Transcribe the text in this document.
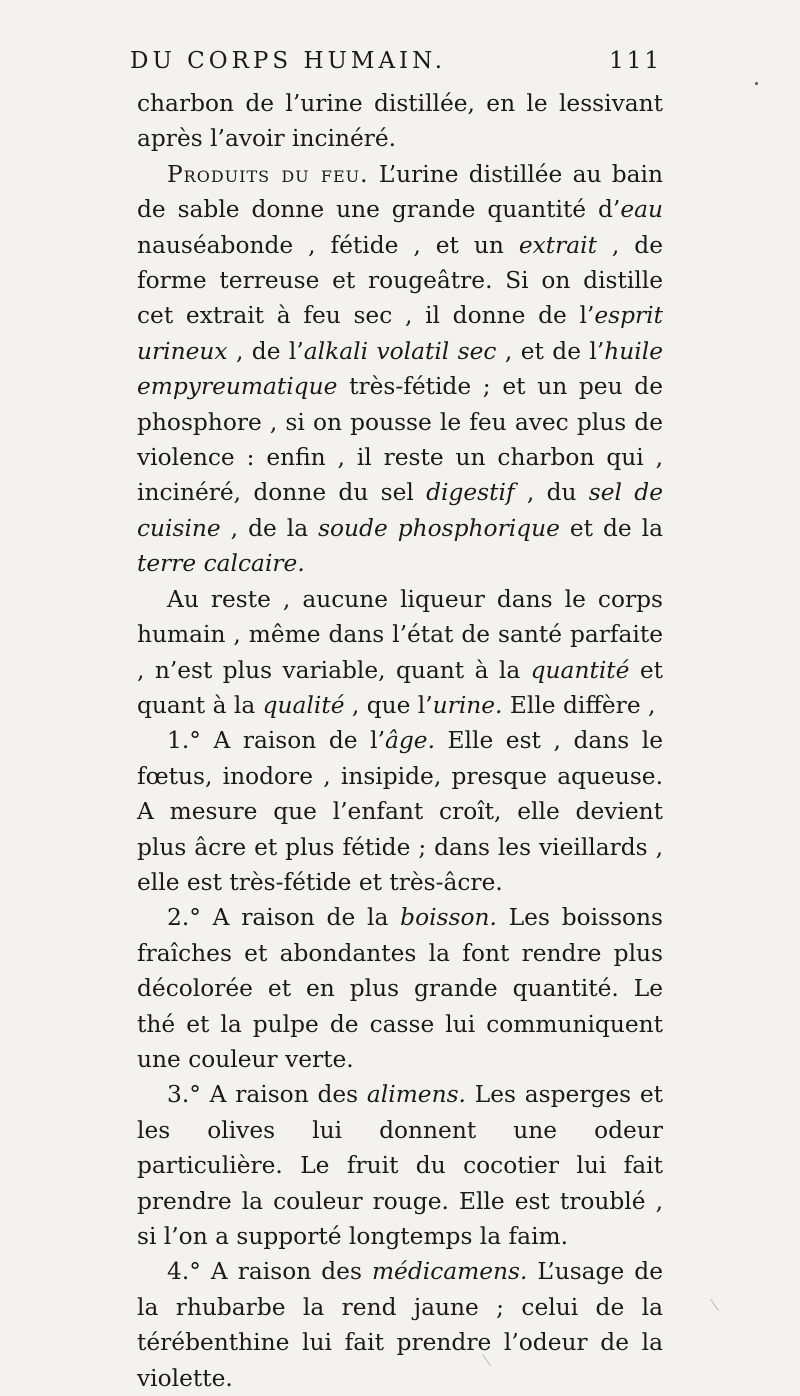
DU CORPS HUMAIN.	111

charbon de l’urine distillée, en le lessivant après l’avoir incinéré.

Produits du feu. L’urine distillée au bain de sable donne une grande quantité d’eau nauséabonde , fétide , et un extrait , de forme terreuse et rougeâtre. Si on distille cet extrait à feu sec , il donne de l’esprit urineux , de l’alkali volatil sec , et de l’huile empyreumatique très-fétide ; et un peu de phosphore , si on pousse le feu avec plus de violence : enfin , il reste un charbon qui , incinéré, donne du sel digestif , du sel de cuisine , de la soude phosphorique et de la terre calcaire.

Au reste , aucune liqueur dans le corps humain , même dans l’état de santé parfaite , n’est plus variable, quant à la quantité et quant à la qualité , que l’urine. Elle diffère ,

1.° A raison de l’âge. Elle est , dans le fœtus, inodore , insipide, presque aqueuse. A mesure que l’enfant croît, elle devient plus âcre et plus fétide ; dans les vieillards , elle est très-fétide et très-âcre.

2.° A raison de la boisson. Les boissons fraîches et abondantes la font rendre plus décolorée et en plus grande quantité. Le thé et la pulpe de casse lui communiquent une couleur verte.

3.° A raison des alimens. Les asperges et les olives lui donnent une odeur particulière. Le fruit du cocotier lui fait prendre la couleur rouge. Elle est troublé , si l’on a supporté longtemps la faim.

4.° A raison des médicamens. L’usage de la rhubarbe la rend jaune ; celui de la térébenthine lui fait prendre l’odeur de la violette.
